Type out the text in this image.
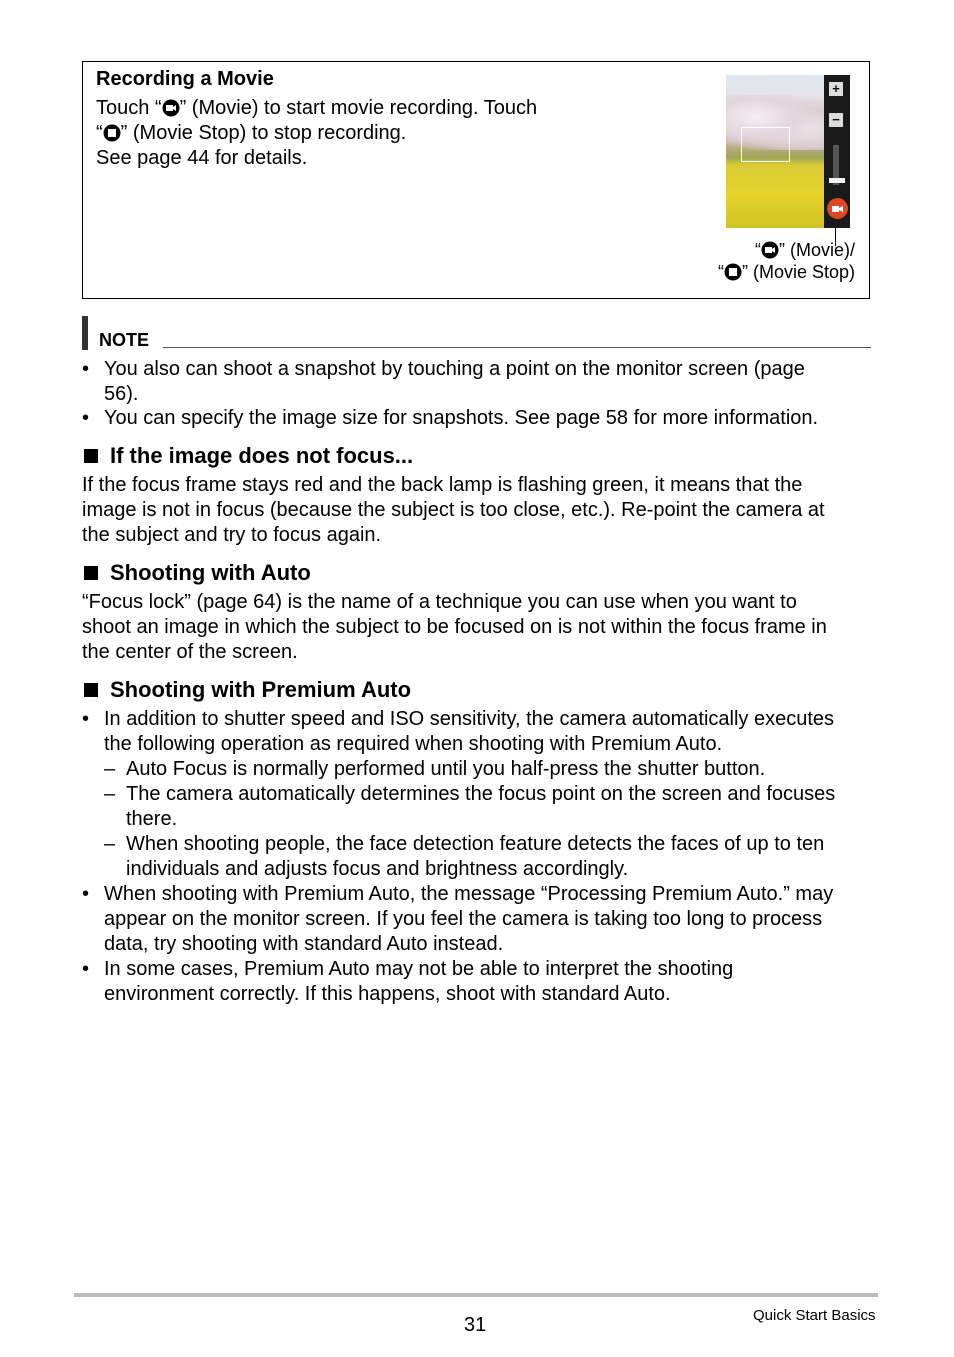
Recording a Movie
Touch “ ” (Movie) to start movie recording. Touch
“ ” (Movie Stop) to stop recording.
See page 44 for details.
+
−
“ ” (Movie)/
“ ” (Movie Stop)
NOTE
• You also can shoot a snapshot by touching a point on the monitor screen (page
56).
• You can specify the image size for snapshots. See page 58 for more information.
If the image does not focus...
If the focus frame stays red and the back lamp is flashing green, it means that the
image is not in focus (because the subject is too close, etc.). Re-point the camera at
the subject and try to focus again.
Shooting with Auto
“Focus lock” (page 64) is the name of a technique you can use when you want to
shoot an image in which the subject to be focused on is not within the focus frame in
the center of the screen.
Shooting with Premium Auto
• In addition to shutter speed and ISO sensitivity, the camera automatically executes
the following operation as required when shooting with Premium Auto.
– Auto Focus is normally performed until you half-press the shutter button.
– The camera automatically determines the focus point on the screen and focuses
there.
– When shooting people, the face detection feature detects the faces of up to ten
individuals and adjusts focus and brightness accordingly.
• When shooting with Premium Auto, the message “Processing Premium Auto.” may
appear on the monitor screen. If you feel the camera is taking too long to process
data, try shooting with standard Auto instead.
• In some cases, Premium Auto may not be able to interpret the shooting
environment correctly. If this happens, shoot with standard Auto.
31	Quick Start Basics
